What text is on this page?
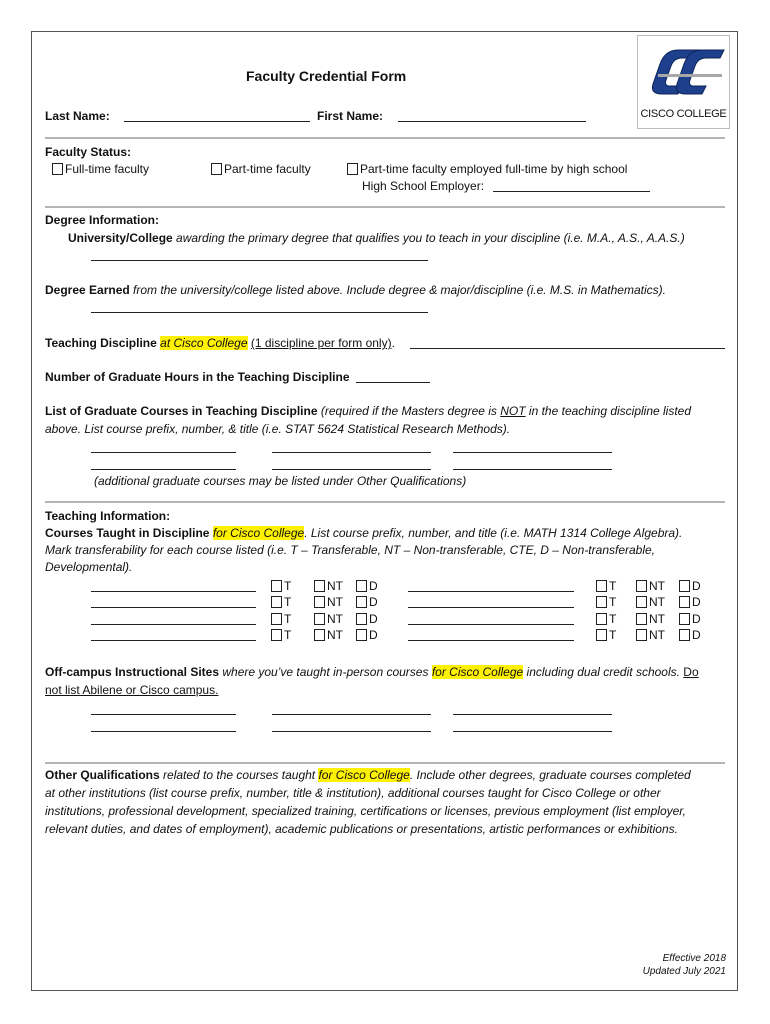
CISCO COLLEGE
Faculty Credential Form
Last Name:	First Name:
Faculty Status:
Full-time faculty	Part-time faculty	Part-time faculty employed full-time by high school
High School Employer:
Degree Information:
University/College awarding the primary degree that qualifies you to teach in your discipline (i.e. M.A., A.S., A.A.S.)
Degree Earned from the university/college listed above. Include degree & major/discipline (i.e. M.S. in Mathematics).
Teaching Discipline at Cisco College (1 discipline per form only).
Number of Graduate Hours in the Teaching Discipline
List of Graduate Courses in Teaching Discipline (required if the Masters degree is NOT in the teaching discipline listed
above. List course prefix, number, & title (i.e. STAT 5624 Statistical Research Methods).
(additional graduate courses may be listed under Other Qualifications)
Teaching Information:
Courses Taught in Discipline for Cisco College. List course prefix, number, and title (i.e. MATH 1314 College Algebra).
Mark transferability for each course listed (i.e. T – Transferable, NT – Non-transferable, CTE, D – Non-transferable,
Developmental).
T	NT	D	T	NT	D
T	NT	D	T	NT	D
T	NT	D	T	NT	D
T	NT	D	T	NT	D
Off-campus Instructional Sites where you’ve taught in-person courses for Cisco College including dual credit schools. Do
not list Abilene or Cisco campus.
Other Qualifications related to the courses taught for Cisco College. Include other degrees, graduate courses completed
at other institutions (list course prefix, number, title & institution), additional courses taught for Cisco College or other
institutions, professional development, specialized training, certifications or licenses, previous employment (list employer,
relevant duties, and dates of employment), academic publications or presentations, artistic performances or exhibitions.
Effective 2018
Updated July 2021
